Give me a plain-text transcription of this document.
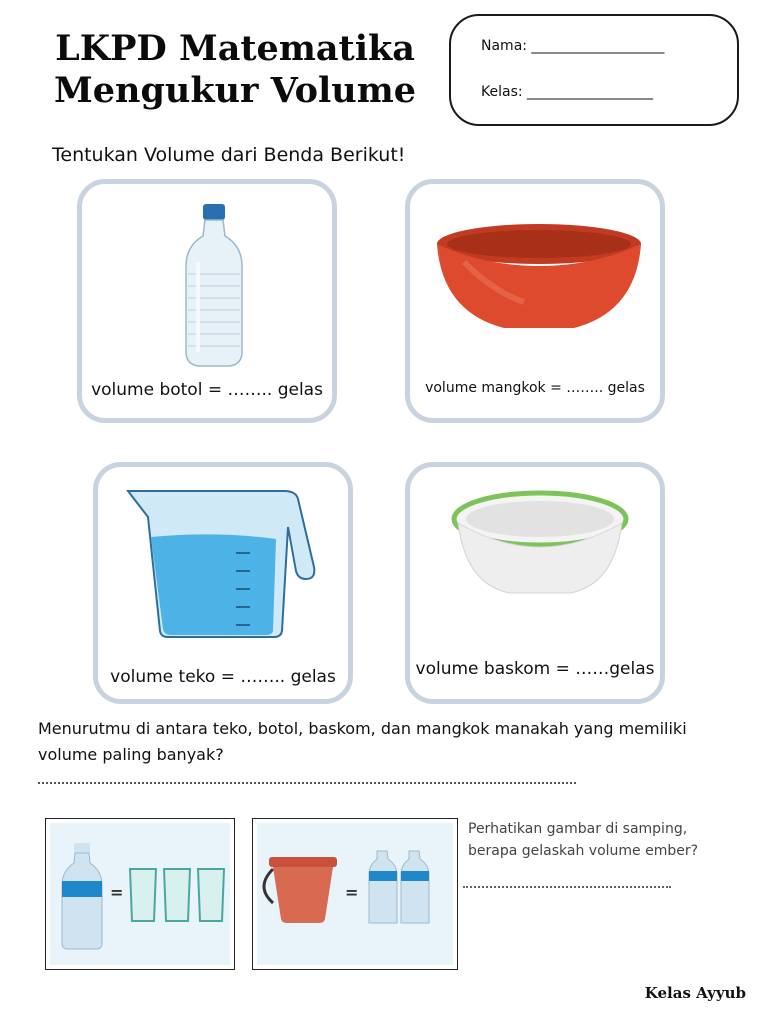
LKPD Matematika
Mengukur Volume
Nama: ___________________
Kelas: __________________
Tentukan Volume dari Benda Berikut!
volume botol = …….. gelas	volume mangkok = …….. gelas
volume teko = …….. gelas	volume baskom = ……gelas
Menurutmu di antara teko, botol, baskom, dan mangkok manakah yang memiliki volume paling banyak?
=	=
Perhatikan gambar di samping,
berapa gelaskah volume ember?
Kelas Ayyub
